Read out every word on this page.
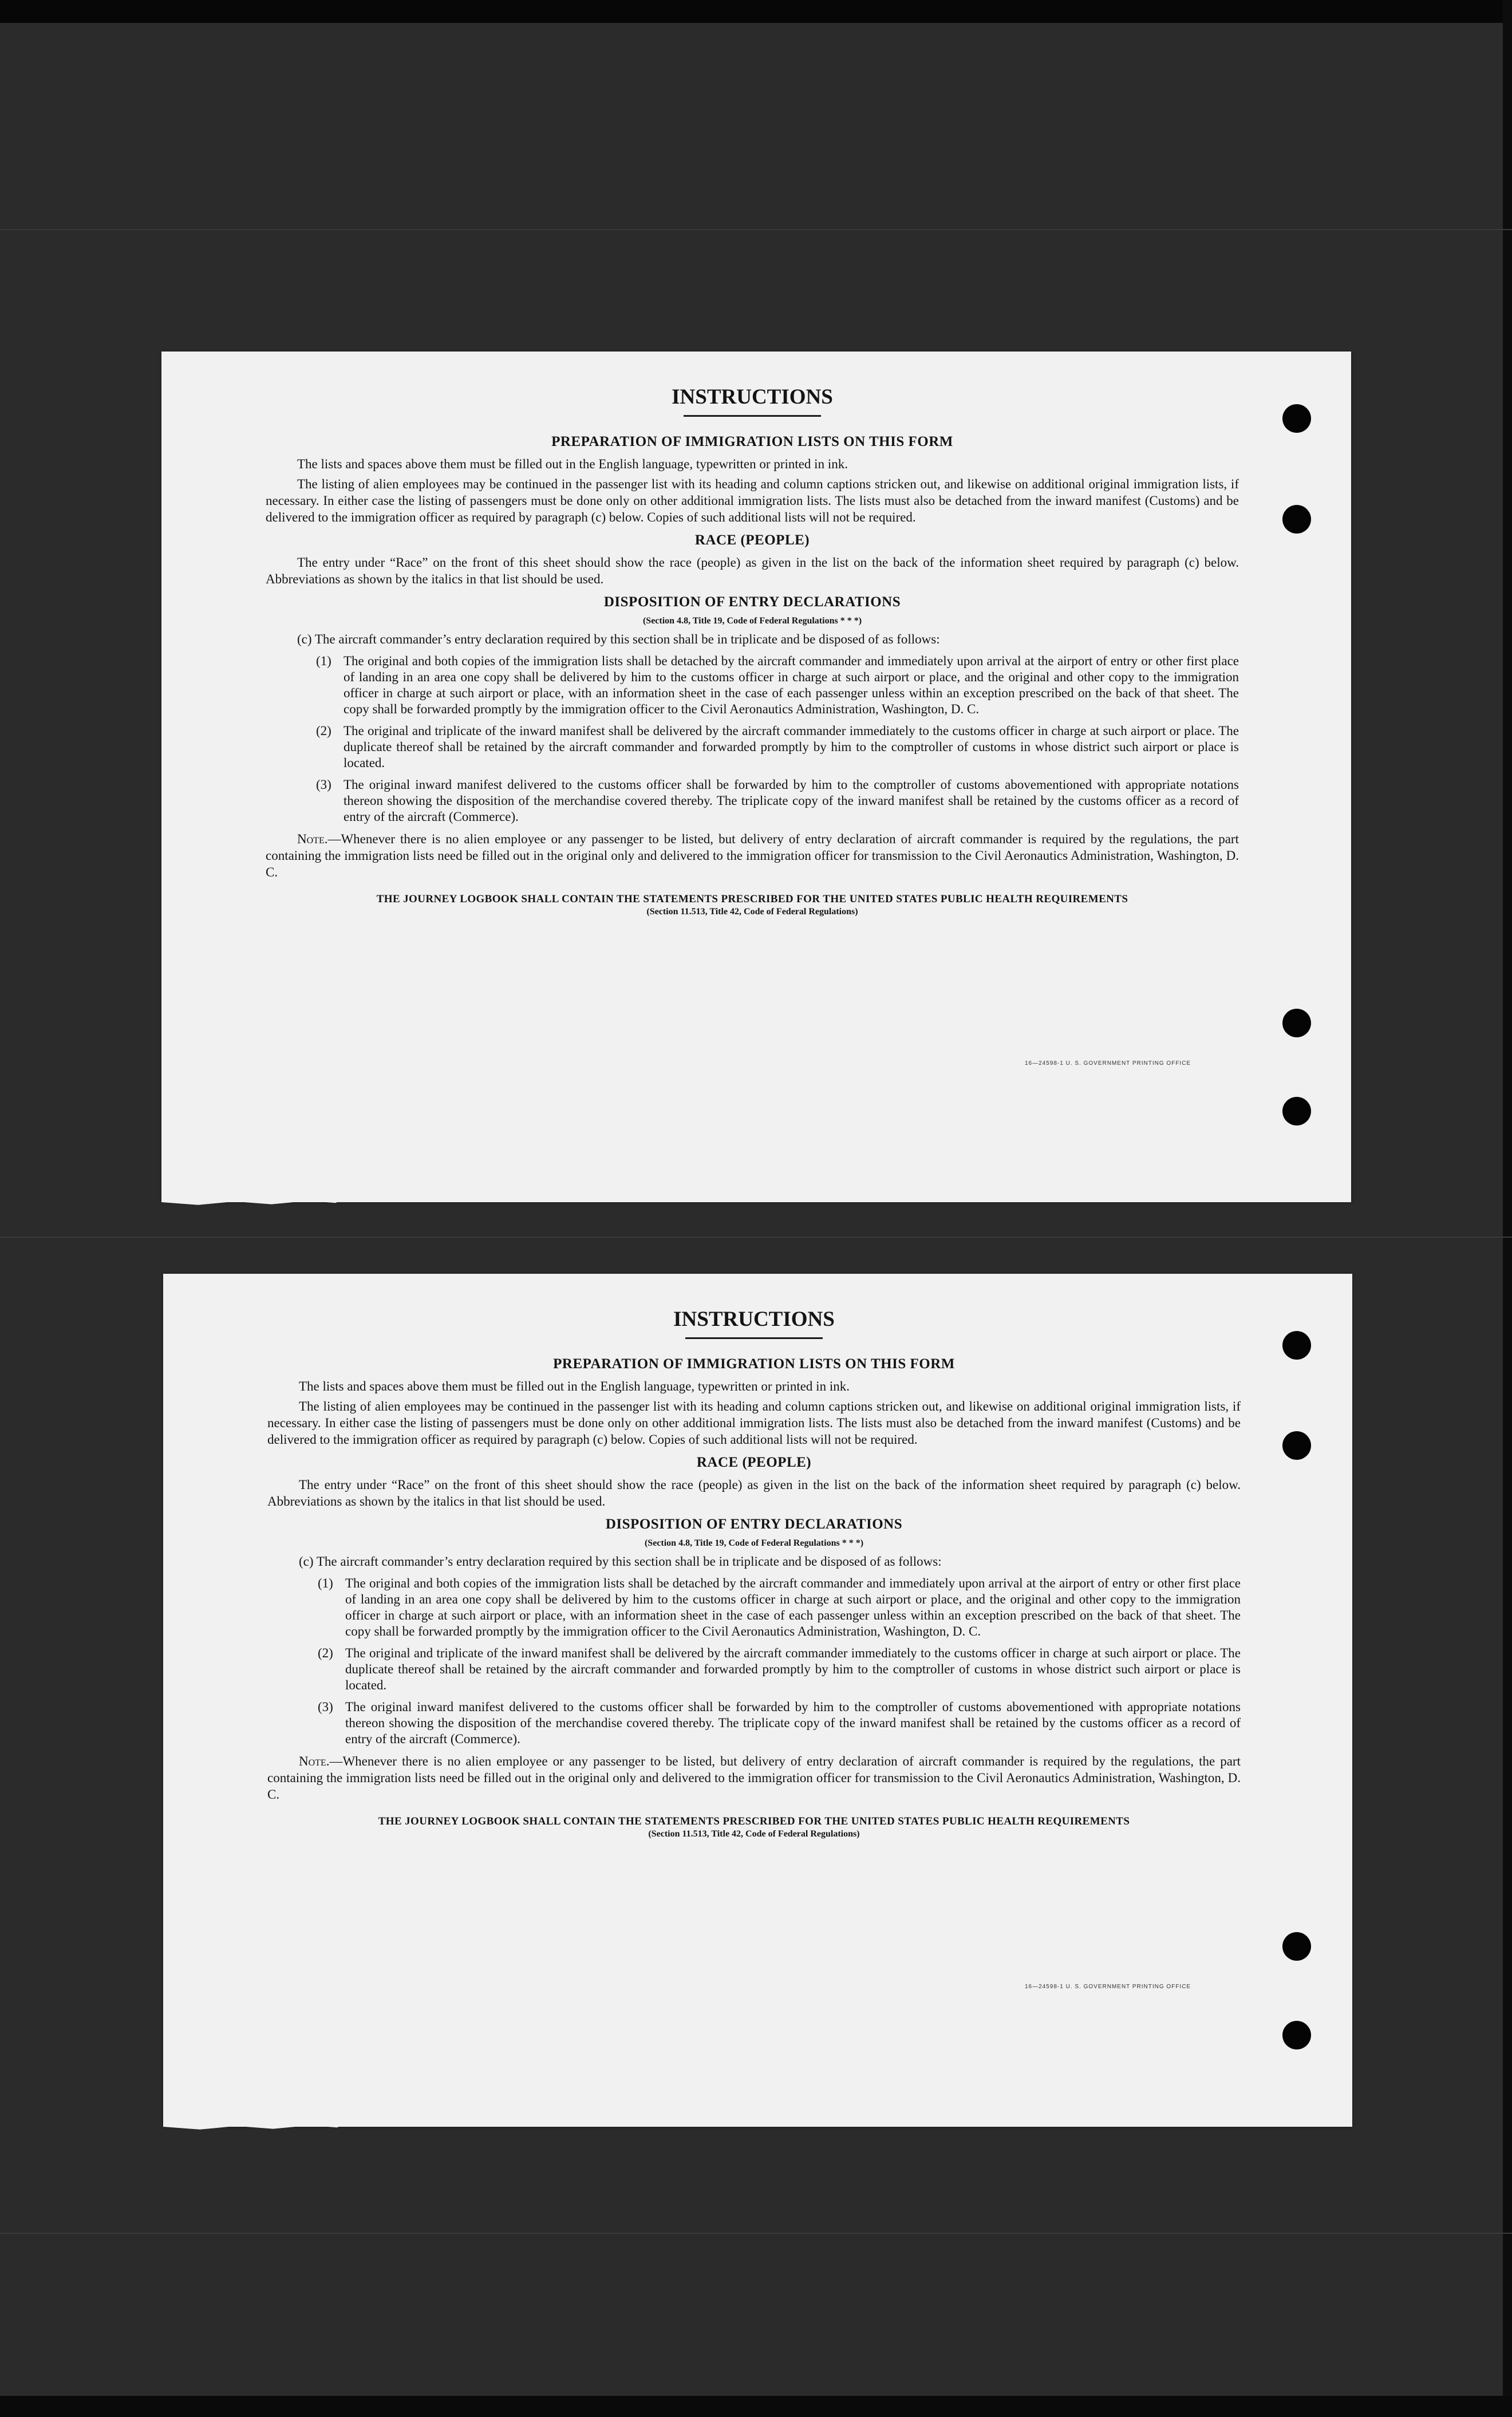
INSTRUCTIONS
PREPARATION OF IMMIGRATION LISTS ON THIS FORM

The lists and spaces above them must be filled out in the English language, typewritten or printed in ink.

The listing of alien employees may be continued in the passenger list with its heading and column captions stricken out, and likewise on additional original immigration lists, if necessary. In either case the listing of passengers must be done only on other additional immigration lists. The lists must also be detached from the inward manifest (Customs) and be delivered to the immigration officer as required by paragraph (c) below. Copies of such additional lists will not be required.

RACE (PEOPLE)

The entry under “Race” on the front of this sheet should show the race (people) as given in the list on the back of the information sheet required by paragraph (c) below. Abbreviations as shown by the italics in that list should be used.

DISPOSITION OF ENTRY DECLARATIONS
(Section 4.8, Title 19, Code of Federal Regulations * * *)

(c) The aircraft commander’s entry declaration required by this section shall be in triplicate and be disposed of as follows:

(1) The original and both copies of the immigration lists shall be detached by the aircraft commander and immediately upon arrival at the airport of entry or other first place of landing in an area one copy shall be delivered by him to the customs officer in charge at such airport or place, and the original and other copy to the immigration officer in charge at such airport or place, with an information sheet in the case of each passenger unless within an exception prescribed on the back of that sheet. The copy shall be forwarded promptly by the immigration officer to the Civil Aeronautics Administration, Washington, D. C.
(2) The original and triplicate of the inward manifest shall be delivered by the aircraft commander immediately to the customs officer in charge at such airport or place. The duplicate thereof shall be retained by the aircraft commander and forwarded promptly by him to the comptroller of customs in whose district such airport or place is located.
(3) The original inward manifest delivered to the customs officer shall be forwarded by him to the comptroller of customs abovementioned with appropriate notations thereon showing the disposition of the merchandise covered thereby. The triplicate copy of the inward manifest shall be retained by the customs officer as a record of entry of the aircraft (Commerce).

Note.—Whenever there is no alien employee or any passenger to be listed, but delivery of entry declaration of aircraft commander is required by the regulations, the part containing the immigration lists need be filled out in the original only and delivered to the immigration officer for transmission to the Civil Aeronautics Administration, Washington, D. C.

THE JOURNEY LOGBOOK SHALL CONTAIN THE STATEMENTS PRESCRIBED FOR THE UNITED STATES PUBLIC HEALTH REQUIREMENTS
(Section 11.513, Title 42, Code of Federal Regulations)
16—24598-1 U. S. GOVERNMENT PRINTING OFFICE
INSTRUCTIONS
PREPARATION OF IMMIGRATION LISTS ON THIS FORM

The lists and spaces above them must be filled out in the English language, typewritten or printed in ink.

The listing of alien employees may be continued in the passenger list with its heading and column captions stricken out, and likewise on additional original immigration lists, if necessary. In either case the listing of passengers must be done only on other additional immigration lists. The lists must also be detached from the inward manifest (Customs) and be delivered to the immigration officer as required by paragraph (c) below. Copies of such additional lists will not be required.

RACE (PEOPLE)

The entry under “Race” on the front of this sheet should show the race (people) as given in the list on the back of the information sheet required by paragraph (c) below. Abbreviations as shown by the italics in that list should be used.

DISPOSITION OF ENTRY DECLARATIONS
(Section 4.8, Title 19, Code of Federal Regulations * * *)

(c) The aircraft commander’s entry declaration required by this section shall be in triplicate and be disposed of as follows:

(1) The original and both copies of the immigration lists shall be detached by the aircraft commander and immediately upon arrival at the airport of entry or other first place of landing in an area one copy shall be delivered by him to the customs officer in charge at such airport or place, and the original and other copy to the immigration officer in charge at such airport or place, with an information sheet in the case of each passenger unless within an exception prescribed on the back of that sheet. The copy shall be forwarded promptly by the immigration officer to the Civil Aeronautics Administration, Washington, D. C.
(2) The original and triplicate of the inward manifest shall be delivered by the aircraft commander immediately to the customs officer in charge at such airport or place. The duplicate thereof shall be retained by the aircraft commander and forwarded promptly by him to the comptroller of customs in whose district such airport or place is located.
(3) The original inward manifest delivered to the customs officer shall be forwarded by him to the comptroller of customs abovementioned with appropriate notations thereon showing the disposition of the merchandise covered thereby. The triplicate copy of the inward manifest shall be retained by the customs officer as a record of entry of the aircraft (Commerce).

Note.—Whenever there is no alien employee or any passenger to be listed, but delivery of entry declaration of aircraft commander is required by the regulations, the part containing the immigration lists need be filled out in the original only and delivered to the immigration officer for transmission to the Civil Aeronautics Administration, Washington, D. C.

THE JOURNEY LOGBOOK SHALL CONTAIN THE STATEMENTS PRESCRIBED FOR THE UNITED STATES PUBLIC HEALTH REQUIREMENTS
(Section 11.513, Title 42, Code of Federal Regulations)
16—24598-1 U. S. GOVERNMENT PRINTING OFFICE
